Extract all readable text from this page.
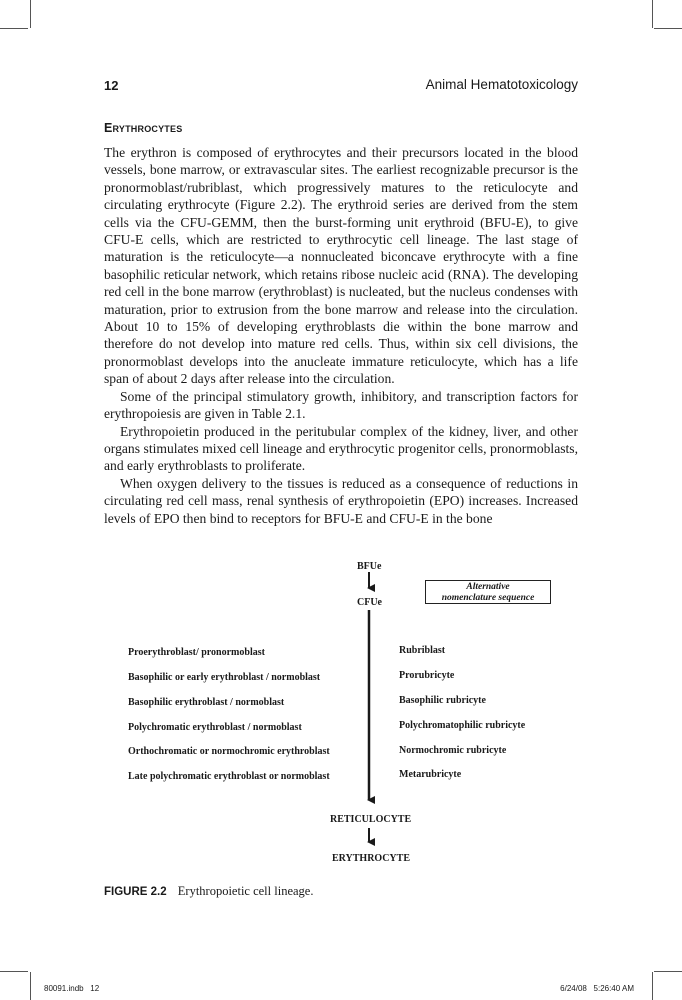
12	Animal Hematotoxicology
Erythrocytes

The erythron is composed of erythrocytes and their precursors located in the blood vessels, bone marrow, or extravascular sites. The earliest recognizable precursor is the pronormoblast/rubriblast, which progressively matures to the reticulocyte and circulating erythrocyte (Figure 2.2). The erythroid series are derived from the stem cells via the CFU-GEMM, then the burst-forming unit erythroid (BFU-E), to give CFU-E cells, which are restricted to erythrocytic cell lineage. The last stage of maturation is the reticulocyte—a nonnucleated biconcave erythrocyte with a fine basophilic reticular network, which retains ribose nucleic acid (RNA). The developing red cell in the bone marrow (erythroblast) is nucleated, but the nucleus condenses with maturation, prior to extrusion from the bone marrow and release into the circulation. About 10 to 15% of developing erythroblasts die within the bone marrow and therefore do not develop into mature red cells. Thus, within six cell divisions, the pronormoblast develops into the anucleate immature reticulocyte, which has a life span of about 2 days after release into the circulation.

Some of the principal stimulatory growth, inhibitory, and transcription factors for erythropoiesis are given in Table 2.1.

Erythropoietin produced in the peritubular complex of the kidney, liver, and other organs stimulates mixed cell lineage and erythrocytic progenitor cells, pronormoblasts, and early erythroblasts to proliferate.

When oxygen delivery to the tissues is reduced as a consequence of reductions in circulating red cell mass, renal synthesis of erythropoietin (EPO) increases. Increased levels of EPO then bind to receptors for BFU-E and CFU-E in the bone

BFUe
CFUe
Alternative
nomenclature sequence
Proerythroblast/ pronormoblast
Basophilic or early erythroblast / normoblast
Basophilic erythroblast / normoblast
Polychromatic erythroblast / normoblast
Orthochromatic or normochromic erythroblast
Late polychromatic erythroblast or normoblast
Rubriblast
Prorubricyte
Basophilic rubricyte
Polychromatophilic rubricyte
Normochromic rubricyte
Metarubricyte
RETICULOCYTE
ERYTHROCYTE
FIGURE 2.2 Erythropoietic cell lineage.
80091.indb   12	6/24/08   5:26:40 AM
